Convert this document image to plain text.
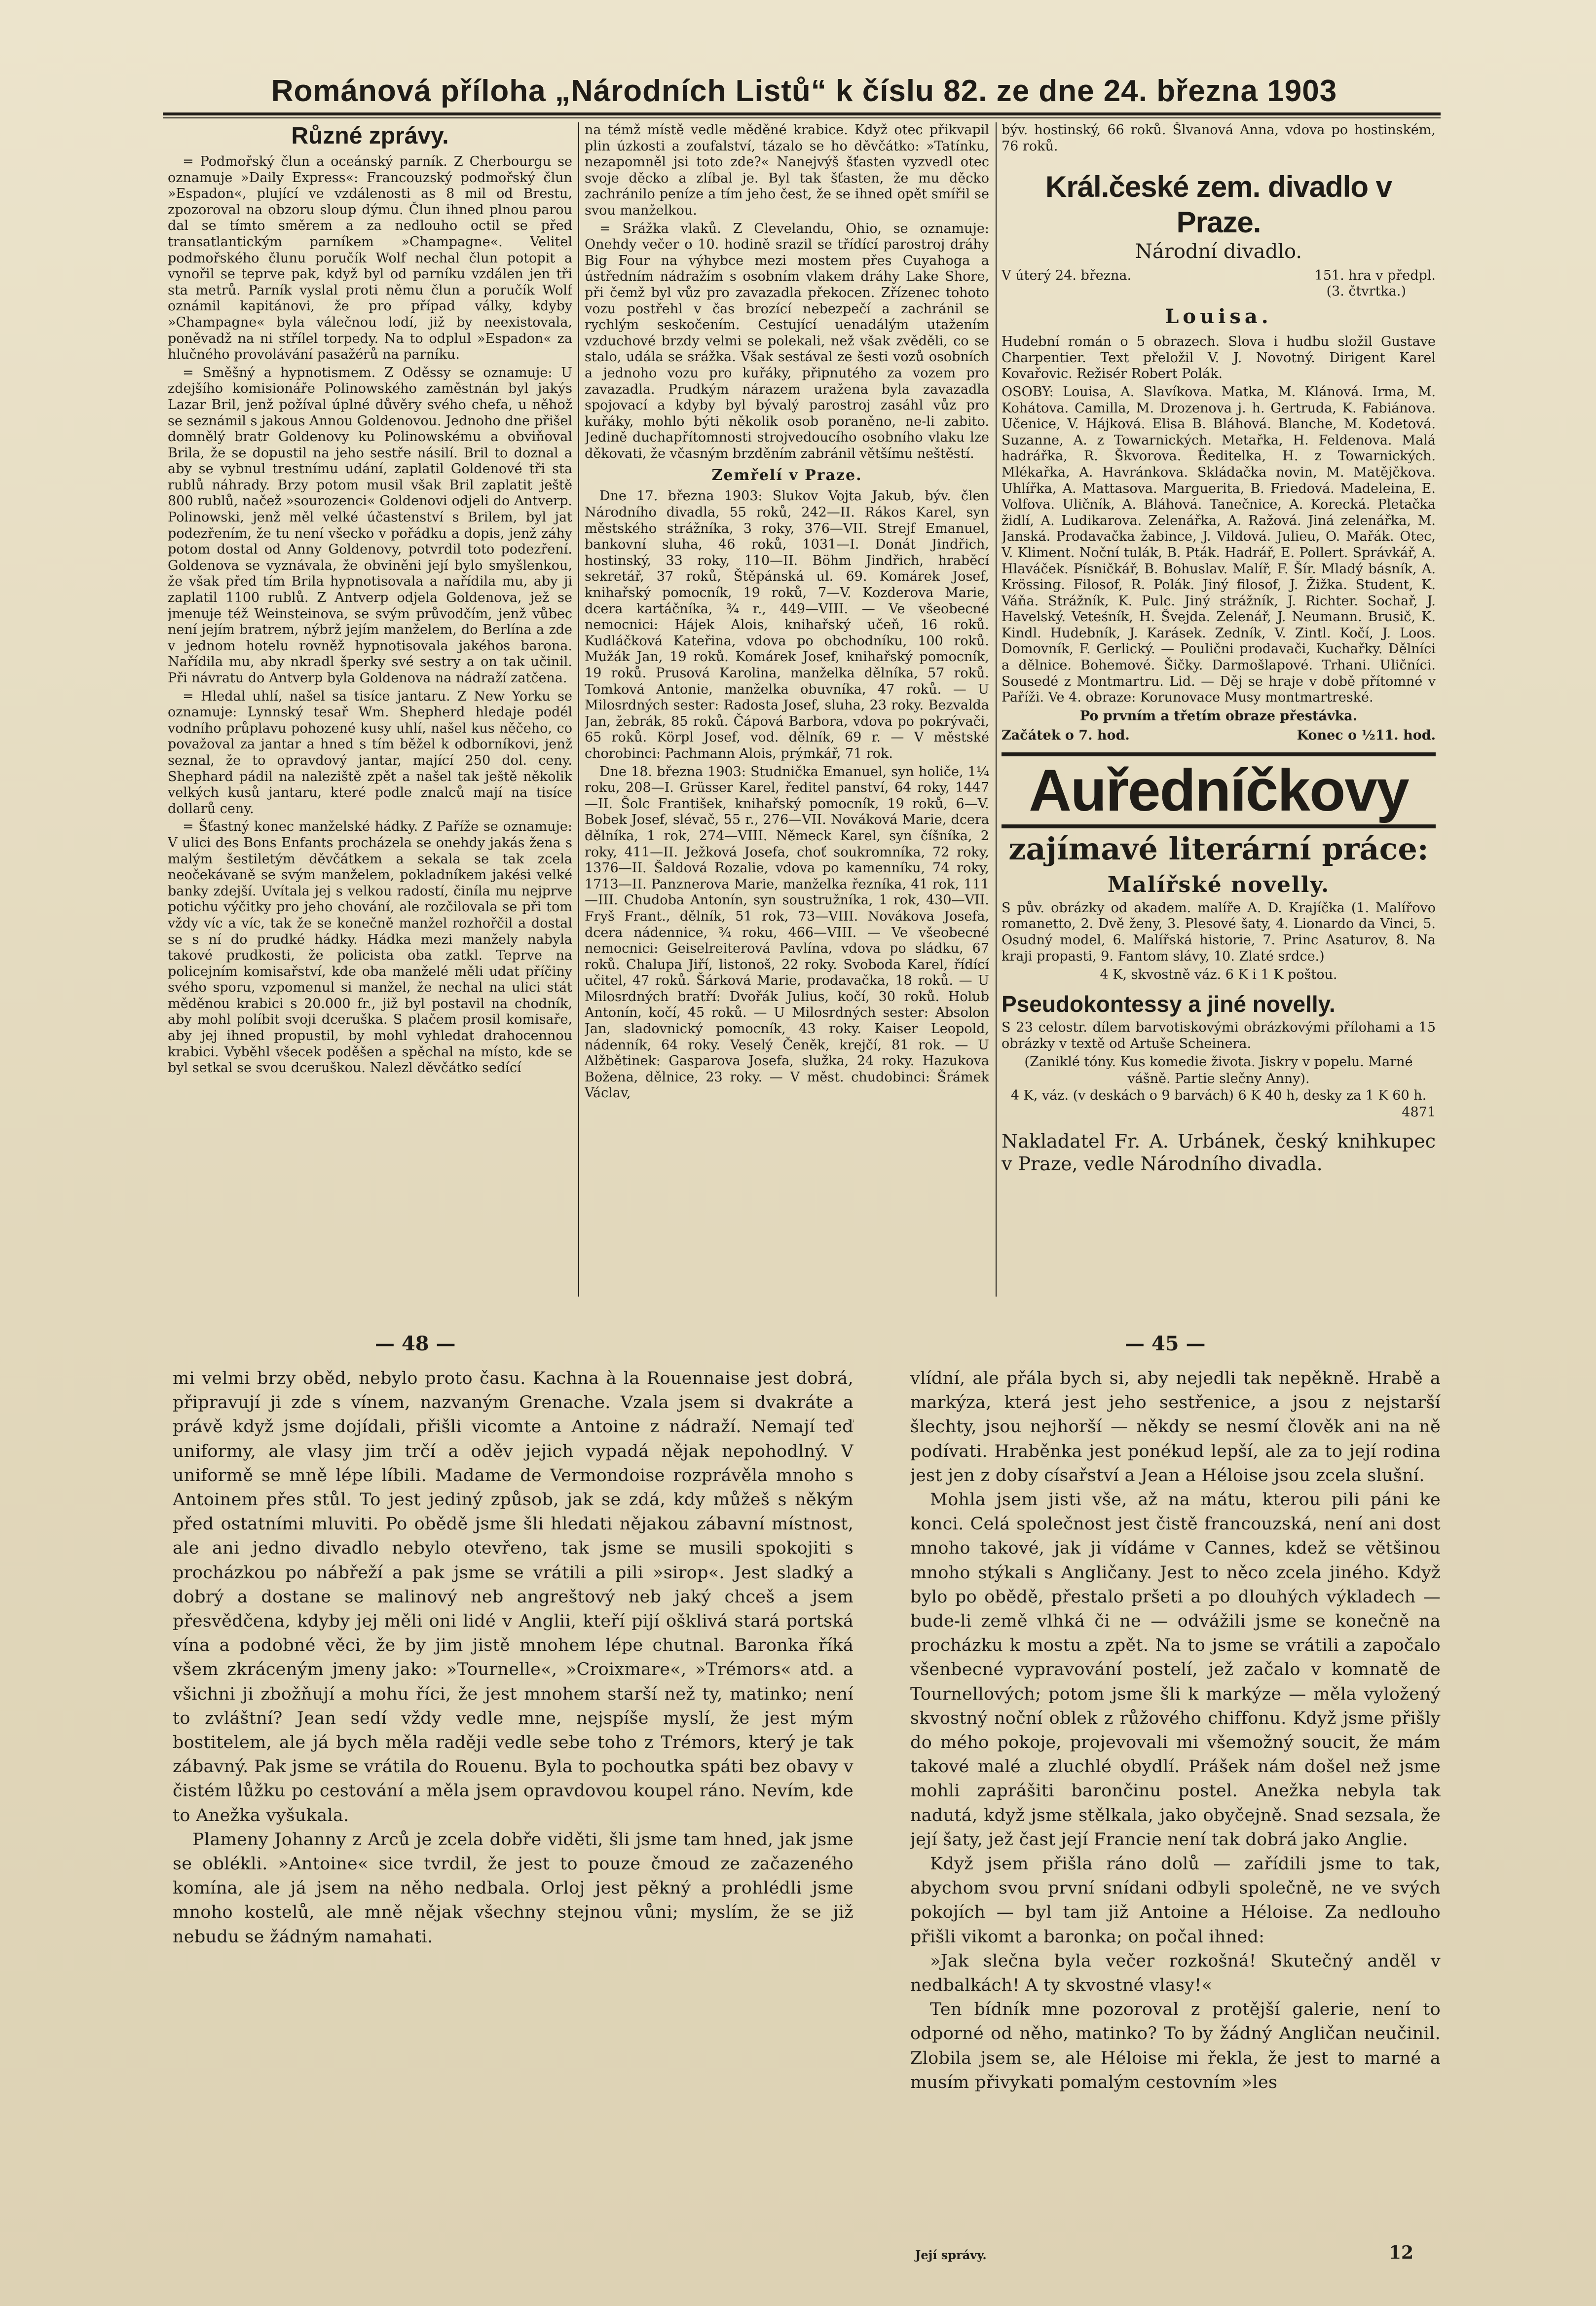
Románová příloha „Národních Listů“ k číslu 82. ze dne 24. března 1903
Různé zprávy.

= Podmořský člun a oceánský parník. Z Cherbourgu se oznamuje »Daily Express«: Francouzský podmořský člun »Espadon«, plující ve vzdálenosti as 8 mil od Brestu, zpozoroval na obzoru sloup dýmu. Člun ihned plnou parou dal se tímto směrem a za nedlouho octil se před transatlantickým parníkem »Champagne«. Velitel podmořského člunu poručík Wolf nechal člun potopit a vynořil se teprve pak, když byl od parníku vzdálen jen tři sta metrů. Parník vyslal proti němu člun a poručík Wolf oznámil kapitánovi, že pro případ války, kdyby »Champagne« byla válečnou lodí, již by neexistovala, poněvadž na ni střílel torpedy. Na to odplul »Espadon« za hlučného provolávání pasažérů na parníku.

= Směšný a hypnotismem. Z Oděssy se oznamuje: U zdejšího komisionáře Polinowského zaměstnán byl jakýs Lazar Bril, jenž požíval úplné důvěry svého chefa, u něhož se seznámil s jakous Annou Goldenovou. Jednoho dne přišel domnělý bratr Goldenovy ku Polinowskému a obviňoval Brila, že se dopustil na jeho sestře násilí. Bril to doznal a aby se vybnul trestnímu udání, zaplatil Goldenové tři sta rublů náhrady. Brzy potom musil však Bril zaplatit ještě 800 rublů, načež »sourozenci« Goldenovi odjeli do Antverp. Polinowski, jenž měl velké účastenství s Brilem, byl jat podezřením, že tu není všecko v pořádku a dopis, jenž záhy potom dostal od Anny Goldenovy, potvrdil toto podezření. Goldenova se vyznávala, že obviněni její bylo smyšlenkou, že však před tím Brila hypnotisovala a nařídila mu, aby ji zaplatil 1100 rublů. Z Antverp odjela Goldenova, jež se jmenuje též Weinsteinova, se svým průvodčím, jenž vůbec není jejím bratrem, nýbrž jejím manželem, do Berlína a zde v jednom hotelu rovněž hypnotisovala jakéhos barona. Nařídila mu, aby nkradl šperky své sestry a on tak učinil. Při návratu do Antverp byla Goldenova na nádraží zatčena.

= Hledal uhlí, našel sa tisíce jantaru. Z New Yorku se oznamuje: Lynnský tesař Wm. Shepherd hledaje podél vodního průplavu pohozené kusy uhlí, našel kus něčeho, co považoval za jantar a hned s tím běžel k odborníkovi, jenž seznal, že to opravdový jantar, mající 250 dol. ceny. Shephard pádil na naleziště zpět a našel tak ještě několik velkých kusů jantaru, které podle znalců mají na tisíce dollarů ceny.

= Šťastný konec manželské hádky. Z Paříže se oznamuje: V ulici des Bons Enfants procházela se onehdy jakás žena s malým šestiletým děvčátkem a sekala se tak zcela neočekávaně se svým manželem, pokladníkem jakési velké banky zdejší. Uvítala jej s velkou radostí, činíla mu nejprve potichu výčitky pro jeho chování, ale rozčilovala se při tom vždy víc a víc, tak že se konečně manžel rozhořčil a dostal se s ní do prudké hádky. Hádka mezi manžely nabyla takové prudkosti, že policista oba zatkl. Teprve na policejním komisařství, kde oba manželé měli udat příčiny svého sporu, vzpomenul si manžel, že nechal na ulici stát měděnou krabici s 20.000 fr., již byl postavil na chodník, aby mohl políbit svoji dceruška. S plačem prosil komisaře, aby jej ihned propustil, by mohl vyhledat drahocennou krabici. Vyběhl všecek poděšen a spěchal na místo, kde se byl setkal se svou dceruškou. Nalezl děvčátko sedící

na témž místě vedle měděné krabice. Když otec přikvapil plin úzkosti a zoufalství, tázalo se ho děvčátko: »Tatínku, nezapomněl jsi toto zde?« Nanejvýš šťasten vyzvedl otec svoje děcko a zlíbal je. Byl tak šťasten, že mu děcko zachránilo peníze a tím jeho čest, že se ihned opět smířil se svou manželkou.

= Srážka vlaků. Z Clevelandu, Ohio, se oznamuje: Onehdy večer o 10. hodině srazil se třídící parostroj dráhy Big Four na výhybce mezi mostem přes Cuyahoga a ústředním nádražím s osobním vlakem dráhy Lake Shore, při čemž byl vůz pro zavazadla překocen. Zřízenec tohoto vozu postřehl v čas brozící nebezpečí a zachránil se rychlým seskočením. Cestující uenadálým utažením vzduchové brzdy velmi se polekali, než však zvěděli, co se stalo, udála se srážka. Však sestával ze šesti vozů osobních a jednoho vozu pro kuřáky, připnutého za vozem pro zavazadla. Prudkým nárazem uražena byla zavazadla spojovací a kdyby byl bývalý parostroj zasáhl vůz pro kuřáky, mohlo býti několik osob poraněno, ne-li zabito. Jedině duchapřítomnosti strojvedoucího osobního vlaku lze děkovati, že včasným brzděním zabránil většímu neštěstí.

Zemřelí v Praze.

Dne 17. března 1903: Slukov Vojta Jakub, býv. člen Národního divadla, 55 roků, 242—II. Rákos Karel, syn městského strážníka, 3 roky, 376—VII. Strejf Emanuel, bankovní sluha, 46 roků, 1031—I. Donát Jindřich, hostinský, 33 roky, 110—II. Böhm Jindřich, hraběcí sekretář, 37 roků, Štěpánská ul. 69. Komárek Josef, knihařský pomocník, 19 roků, 7—V. Kozderova Marie, dcera kartáčníka, ¾ r., 449—VIII. — Ve všeobecné nemocnici: Hájek Alois, knihařský učeň, 16 roků. Kudláčková Kateřina, vdova po obchodníku, 100 roků. Mužák Jan, 19 roků. Komárek Josef, knihařský pomocník, 19 roků. Prusová Karolina, manželka dělníka, 57 roků. Tomková Antonie, manželka obuvníka, 47 roků. — U Milosrdných sester: Radosta Josef, sluha, 23 roky. Bezvalda Jan, žebrák, 85 roků. Čápová Barbora, vdova po pokrývači, 65 roků. Körpl Josef, vod. dělník, 69 r. — V městské chorobinci: Pachmann Alois, prýmkář, 71 rok.

Dne 18. března 1903: Studnička Emanuel, syn holiče, 1¼ roku, 208—I. Grüsser Karel, ředitel panství, 64 roky, 1447—II. Šolc František, knihařský pomocník, 19 roků, 6—V. Bobek Josef, slévač, 55 r., 276—VII. Nováková Marie, dcera dělníka, 1 rok, 274—VIII. Německ Karel, syn číšníka, 2 roky, 411—II. Ježková Josefa, choť soukromníka, 72 roky, 1376—II. Šaldová Rozalie, vdova po kamenníku, 74 roky, 1713—II. Panznerova Marie, manželka řezníka, 41 rok, 111—III. Chudoba Antonín, syn soustružníka, 1 rok, 430—VII. Fryš Frant., dělník, 51 rok, 73—VIII. Novákova Josefa, dcera nádennice, ¾ roku, 466—VIII. — Ve všeobecné nemocnici: Geiselreiterová Pavlína, vdova po sládku, 67 roků. Chalupa Jiří, listonoš, 22 roky. Svoboda Karel, řídící učitel, 47 roků. Šárková Marie, prodavačka, 18 roků. — U Milosrdných bratří: Dvořák Julius, kočí, 30 roků. Holub Antonín, kočí, 45 roků. — U Milosrdných sester: Absolon Jan, sladovnický pomocník, 43 roky. Kaiser Leopold, nádenník, 64 roky. Veselý Čeněk, krejčí, 81 rok. — U Alžbětinek: Gasparova Josefa, služka, 24 roky. Hazukova Božena, dělnice, 23 roky. — V měst. chudobinci: Šrámek Václav,

býv. hostinský, 66 roků. Šlvanová Anna, vdova po hostinském, 76 roků.

Král.české zem. divadlo v Praze.
Národní divadlo.
V úterý 24. března.	151. hra v předpl.
(3. čtvrtka.)
Louisa.

Hudební román o 5 obrazech. Slova i hudbu složil Gustave Charpentier. Text přeložil V. J. Novotný. Dirigent Karel Kovařovic. Režisér Robert Polák.

OSOBY: Louisa, A. Slavíkova. Matka, M. Klánová. Irma, M. Kohátova. Camilla, M. Drozenova j. h. Gertruda, K. Fabiánova. Učenice, V. Hájková. Elisa B. Bláhová. Blanche, M. Kodetová. Suzanne, A. z Towarnických. Metařka, H. Feldenova. Malá hadrářka, R. Škvorova. Ředitelka, H. z Towarnických. Mlékařka, A. Havránkova. Skládačka novin, M. Matějčkova. Uhlířka, A. Mattasova. Marguerita, B. Friedová. Madeleina, E. Volfova. Uličník, A. Bláhová. Tanečnice, A. Korecká. Pletačka židlí, A. Ludikarova. Zelenářka, A. Ražová. Jiná zelenářka, M. Janská. Prodavačka žabince, J. Vildová. Julieu, O. Mařák. Otec, V. Kliment. Noční tulák, B. Pták. Hadrář, E. Pollert. Správkář, A. Hlaváček. Písničkář, B. Bohuslav. Malíř, F. Šír. Mladý básník, A. Krössing. Filosof, R. Polák. Jiný filosof, J. Žižka. Student, K. Váňa. Strážník, K. Pulc. Jiný strážník, J. Richter. Sochař, J. Havelský. Veteśník, H. Švejda. Zelenář, J. Neumann. Brusič, K. Kindl. Hudebník, J. Karásek. Zedník, V. Zintl. Kočí, J. Loos. Domovník, F. Gerlický. — Poulični prodavači, Kuchařky. Dělníci a dělnice. Bohemové. Šičky. Darmošlapové. Trhani. Uličníci. Sousedé z Montmartru. Lid. — Děj se hraje v době přítomné v Paříži. Ve 4. obraze: Korunovace Musy montmartreské.

Po prvním a třetím obraze přestávka.
Začátek o 7. hod.	Konec o ½11. hod.
Auředníčkovy
zajímavé literární práce:
Malířské novelly.

S pův. obrázky od akadem. malíře A. D. Krajíčka (1. Malířovo romanetto, 2. Dvě ženy, 3. Plesové šaty, 4. Lionardo da Vinci, 5. Osudný model, 6. Malířská historie, 7. Princ Asaturov, 8. Na kraji propasti, 9. Fantom slávy, 10. Zlaté srdce.)

4 K, skvostně váz. 6 K i 1 K poštou.
Pseudokontessy a jiné novelly.

S 23 celostr. dílem barvotiskovými obrázkovými přílohami a 15 obrázky v textě od Artuše Scheinera.

(Zaniklé tóny. Kus komedie života. Jiskry v popelu. Marné vášně. Partie slečny Anny).
4 K, váz. (v deskách o 9 barvách) 6 K 40 h, desky za 1 K 60 h.
4871
Nakladatel Fr. A. Urbánek, český knihkupec v Praze, vedle Národního divadla.
— 48 —	— 45 —

mi velmi brzy oběd, nebylo proto času. Kachna à la Rouennaise jest dobrá, připravují ji zde s vínem, nazvaným Grenache. Vzala jsem si dvakráte a právě když jsme dojídali, přišli vicomte a Antoine z nádraží. Nemají teď uniformy, ale vlasy jim trčí a oděv jejich vypadá nějak nepohodlný. V uniformě se mně lépe líbili. Madame de Vermondoise rozprávěla mnoho s Antoinem přes stůl. To jest jediný způsob, jak se zdá, kdy můžeš s někým před ostatními mluviti. Po obědě jsme šli hledati nějakou zábavní místnost, ale ani jedno divadlo nebylo otevřeno, tak jsme se musili spokojiti s procházkou po nábřeží a pak jsme se vrátili a pili »sirop«. Jest sladký a dobrý a dostane se malinový neb angreštový neb jaký chceš a jsem přesvědčena, kdyby jej měli oni lidé v Anglii, kteří pijí ošklivá stará portská vína a podobné věci, že by jim jistě mnohem lépe chutnal. Baronka říká všem zkráceným jmeny jako: »Tournelle«, »Croixmare«, »Trémors« atd. a všichni ji zbožňují a mohu říci, že jest mnohem starší než ty, matinko; není to zvláštní? Jean sedí vždy vedle mne, nejspíše myslí, že jest mým bostitelem, ale já bych měla raději vedle sebe toho z Trémors, který je tak zábavný. Pak jsme se vrátila do Rouenu. Byla to pochoutka spáti bez obavy v čistém lůžku po cestování a měla jsem opravdovou koupel ráno. Nevím, kde to Anežka vyšukala.

Plameny Johanny z Arců je zcela dobře viděti, šli jsme tam hned, jak jsme se oblékli. »Antoine« sice tvrdil, že jest to pouze čmoud ze začazeného komína, ale já jsem na něho nedbala. Orloj jest pěkný a prohlédli jsme mnoho kostelů, ale mně nějak všechny stejnou vůni; myslím, že se již nebudu se žádným namahati.

vlídní, ale přála bych si, aby nejedli tak nepěkně. Hrabě a markýza, která jest jeho sestřenice, a jsou z nejstarší šlechty, jsou nejhorší — někdy se nesmí člověk ani na ně podívati. Hraběnka jest ponékud lepší, ale za to její rodina jest jen z doby císařství a Jean a Héloise jsou zcela slušní.

Mohla jsem jisti vše, až na mátu, kterou pili páni ke konci. Celá společnost jest čistě francouzská, není ani dost mnoho takové, jak ji vídáme v Cannes, kdež se většinou mnoho stýkali s Angličany. Jest to něco zcela jiného. Když bylo po obědě, přestalo pršeti a po dlouhých výkladech — bude-li země vlhká či ne — odvážili jsme se konečně na procházku k mostu a zpět. Na to jsme se vrátili a započalo všenbecné vypravování postelí, jež začalo v komnatě de Tournellových; potom jsme šli k markýze — měla vyložený skvostný noční oblek z růžového chiffonu. Když jsme přišly do mého pokoje, projevovali mi všemožný soucit, že mám takové malé a zluchlé obydlí. Prášek nám došel než jsme mohli zaprášiti barončinu postel. Anežka nebyla tak nadutá, když jsme stělkala, jako obyčejně. Snad sezsala, že její šaty, jež čast její Francie není tak dobrá jako Anglie.

Když jsem přišla ráno dolů — zařídili jsme to tak, abychom svou první snídani odbyli společně, ne ve svých pokojích — byl tam již Antoine a Héloise. Za nedlouho přišli vikomt a baronka; on počal ihned:

»Jak slečna byla večer rozkošná! Skutečný anděl v nedbalkách! A ty skvostné vlasy!«

Ten bídník mne pozoroval z protější galerie, není to odporné od něho, matinko? To by žádný Angličan neučinil. Zlobila jsem se, ale Héloise mi řekla, že jest to marné a musím přivykati pomalým cestovním »les

Její správy.	12
